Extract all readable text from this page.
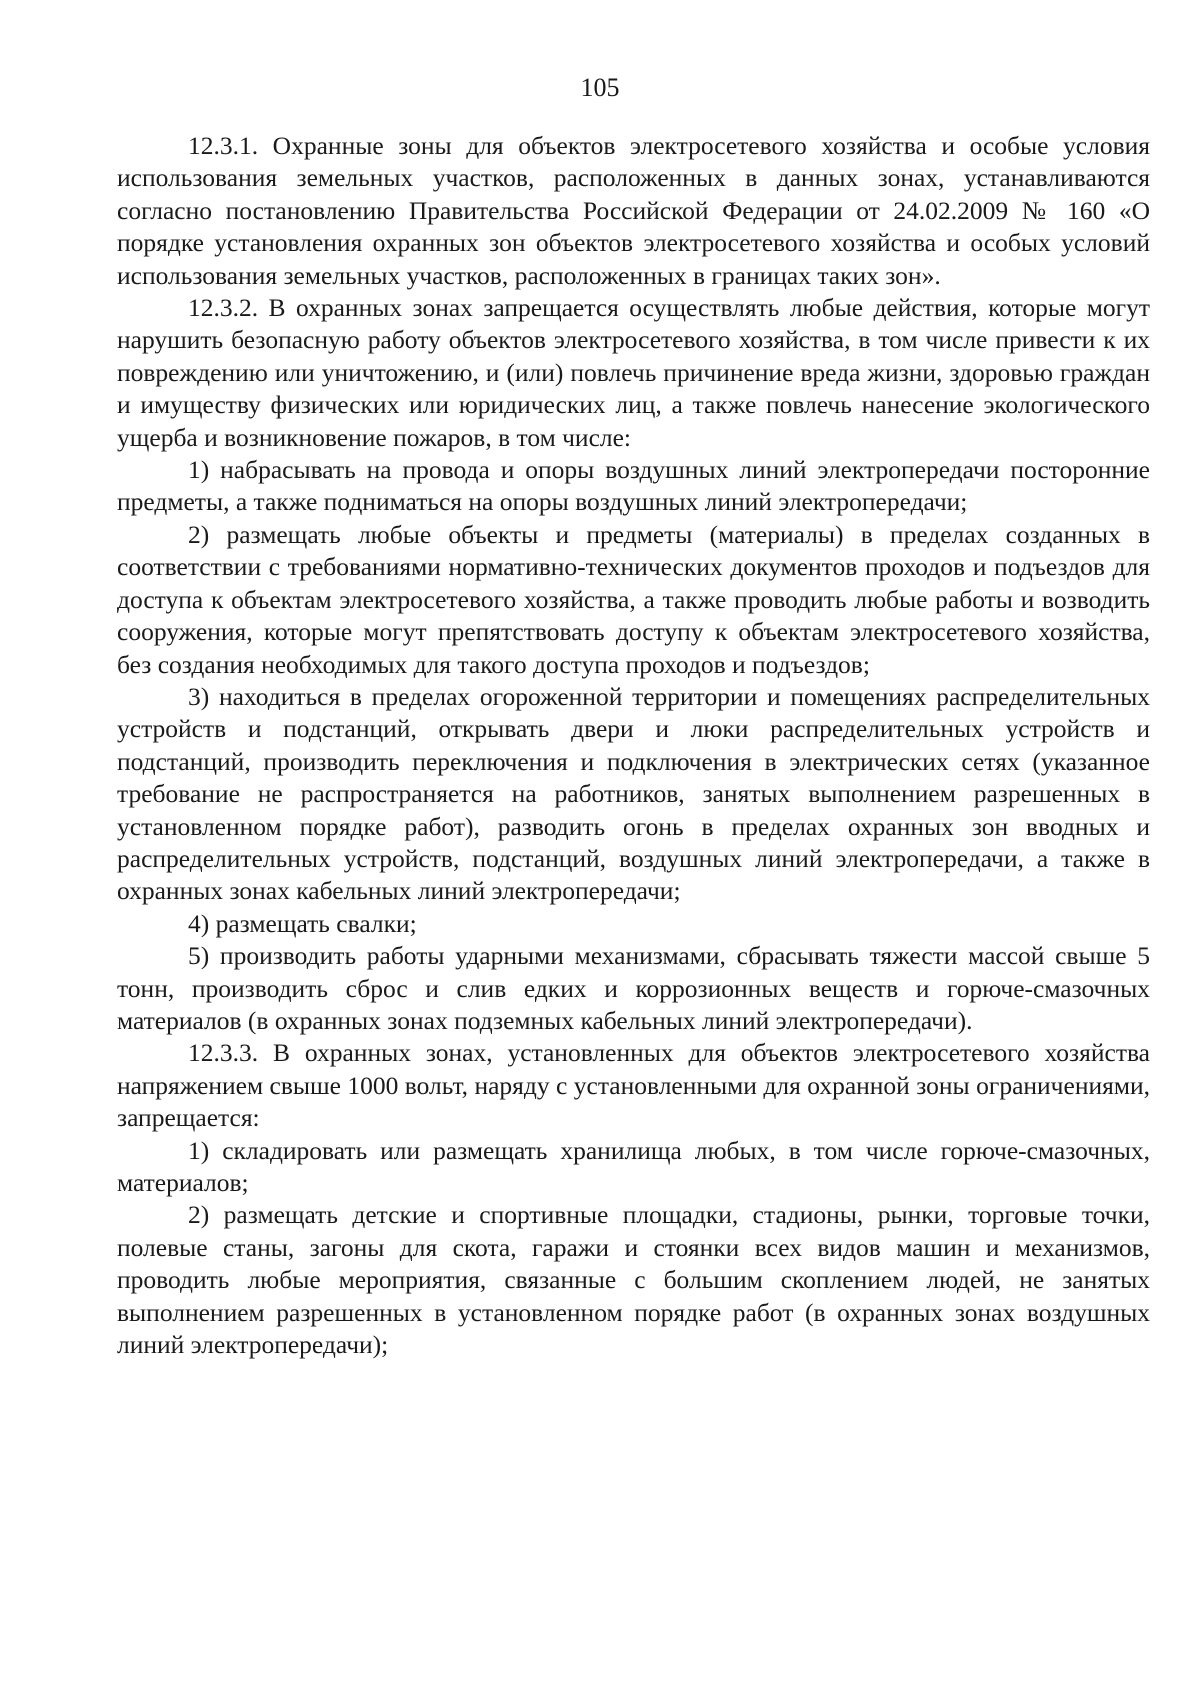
105

12.3.1. Охранные зоны для объектов электросетевого хозяйства и особые условия использования земельных участков, расположенных в данных зонах, устанавливаются согласно постановлению Правительства Российской Федерации от 24.02.2009 № 160 «О порядке установления охранных зон объектов электросетевого хозяйства и особых условий использования земельных участков, расположенных в границах таких зон».

12.3.2. В охранных зонах запрещается осуществлять любые действия, которые могут нарушить безопасную работу объектов электросетевого хозяйства, в том числе привести к их повреждению или уничтожению, и (или) повлечь причинение вреда жизни, здоровью граждан и имуществу физических или юридических лиц, а также повлечь нанесение экологического ущерба и возникновение пожаров, в том числе:

1) набрасывать на провода и опоры воздушных линий электропередачи посторонние предметы, а также подниматься на опоры воздушных линий электропередачи;

2) размещать любые объекты и предметы (материалы) в пределах созданных в соответствии с требованиями нормативно-технических документов проходов и подъездов для доступа к объектам электросетевого хозяйства, а также проводить любые работы и возводить сооружения, которые могут препятствовать доступу к объектам электросетевого хозяйства, без создания необходимых для такого доступа проходов и подъездов;

3) находиться в пределах огороженной территории и помещениях распределительных устройств и подстанций, открывать двери и люки распределительных устройств и подстанций, производить переключения и подключения в электрических сетях (указанное требование не распространяется на работников, занятых выполнением разрешенных в установленном порядке работ), разводить огонь в пределах охранных зон вводных и распределительных устройств, подстанций, воздушных линий электропередачи, а также в охранных зонах кабельных линий электропередачи;

4) размещать свалки;

5) производить работы ударными механизмами, сбрасывать тяжести массой свыше 5 тонн, производить сброс и слив едких и коррозионных веществ и горюче-смазочных материалов (в охранных зонах подземных кабельных линий электропередачи).

12.3.3. В охранных зонах, установленных для объектов электросетевого хозяйства напряжением свыше 1000 вольт, наряду с установленными для охранной зоны ограничениями, запрещается:

1) складировать или размещать хранилища любых, в том числе горюче-смазочных, материалов;

2) размещать детские и спортивные площадки, стадионы, рынки, торговые точки, полевые станы, загоны для скота, гаражи и стоянки всех видов машин и механизмов, проводить любые мероприятия, связанные с большим скоплением людей, не занятых выполнением разрешенных в установленном порядке работ (в охранных зонах воздушных линий электропередачи);
